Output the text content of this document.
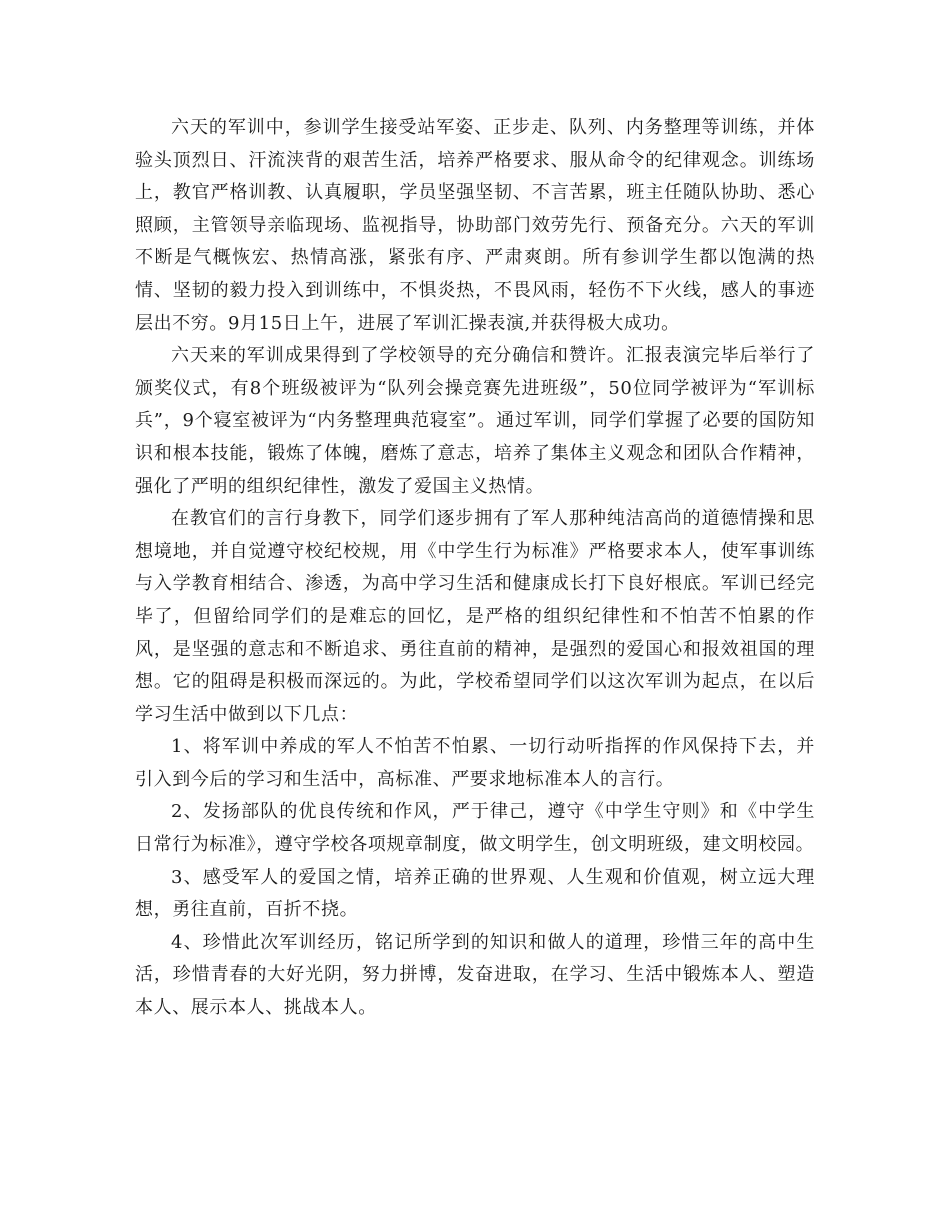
六天的军训中，参训学生接受站军姿、正步走、队列、内务整理等训练，并体验头顶烈日、汗流浃背的艰苦生活，培养严格要求、服从命令的纪律观念。训练场上，教官严格训教、认真履职，学员坚强坚韧、不言苦累，班主任随队协助、悉心照顾，主管领导亲临现场、监视指导，协助部门效劳先行、预备充分。六天的军训不断是气概恢宏、热情高涨，紧张有序、严肃爽朗。所有参训学生都以饱满的热情、坚韧的毅力投入到训练中，不惧炎热，不畏风雨，轻伤不下火线，感人的事迹层出不穷。9月15日上午，进展了军训汇操表演,并获得极大成功。

六天来的军训成果得到了学校领导的充分确信和赞许。汇报表演完毕后举行了颁奖仪式，有8个班级被评为“队列会操竞赛先进班级”，50位同学被评为“军训标兵”，9个寝室被评为“内务整理典范寝室”。通过军训，同学们掌握了必要的国防知识和根本技能，锻炼了体魄，磨炼了意志，培养了集体主义观念和团队合作精神，强化了严明的组织纪律性，激发了爱国主义热情。

在教官们的言行身教下，同学们逐步拥有了军人那种纯洁高尚的道德情操和思想境地，并自觉遵守校纪校规，用《中学生行为标准》严格要求本人，使军事训练与入学教育相结合、渗透，为高中学习生活和健康成长打下良好根底。军训已经完毕了，但留给同学们的是难忘的回忆，是严格的组织纪律性和不怕苦不怕累的作风，是坚强的意志和不断追求、勇往直前的精神，是强烈的爱国心和报效祖国的理想。它的阻碍是积极而深远的。为此，学校希望同学们以这次军训为起点，在以后学习生活中做到以下几点：

1、将军训中养成的军人不怕苦不怕累、一切行动听指挥的作风保持下去，并引入到今后的学习和生活中，高标准、严要求地标准本人的言行。

2、发扬部队的优良传统和作风，严于律己，遵守《中学生守则》和《中学生日常行为标准》，遵守学校各项规章制度，做文明学生，创文明班级，建文明校园。

3、感受军人的爱国之情，培养正确的世界观、人生观和价值观，树立远大理想，勇往直前，百折不挠。

4、珍惜此次军训经历，铭记所学到的知识和做人的道理，珍惜三年的高中生活，珍惜青春的大好光阴，努力拼博，发奋进取，在学习、生活中锻炼本人、塑造本人、展示本人、挑战本人。
